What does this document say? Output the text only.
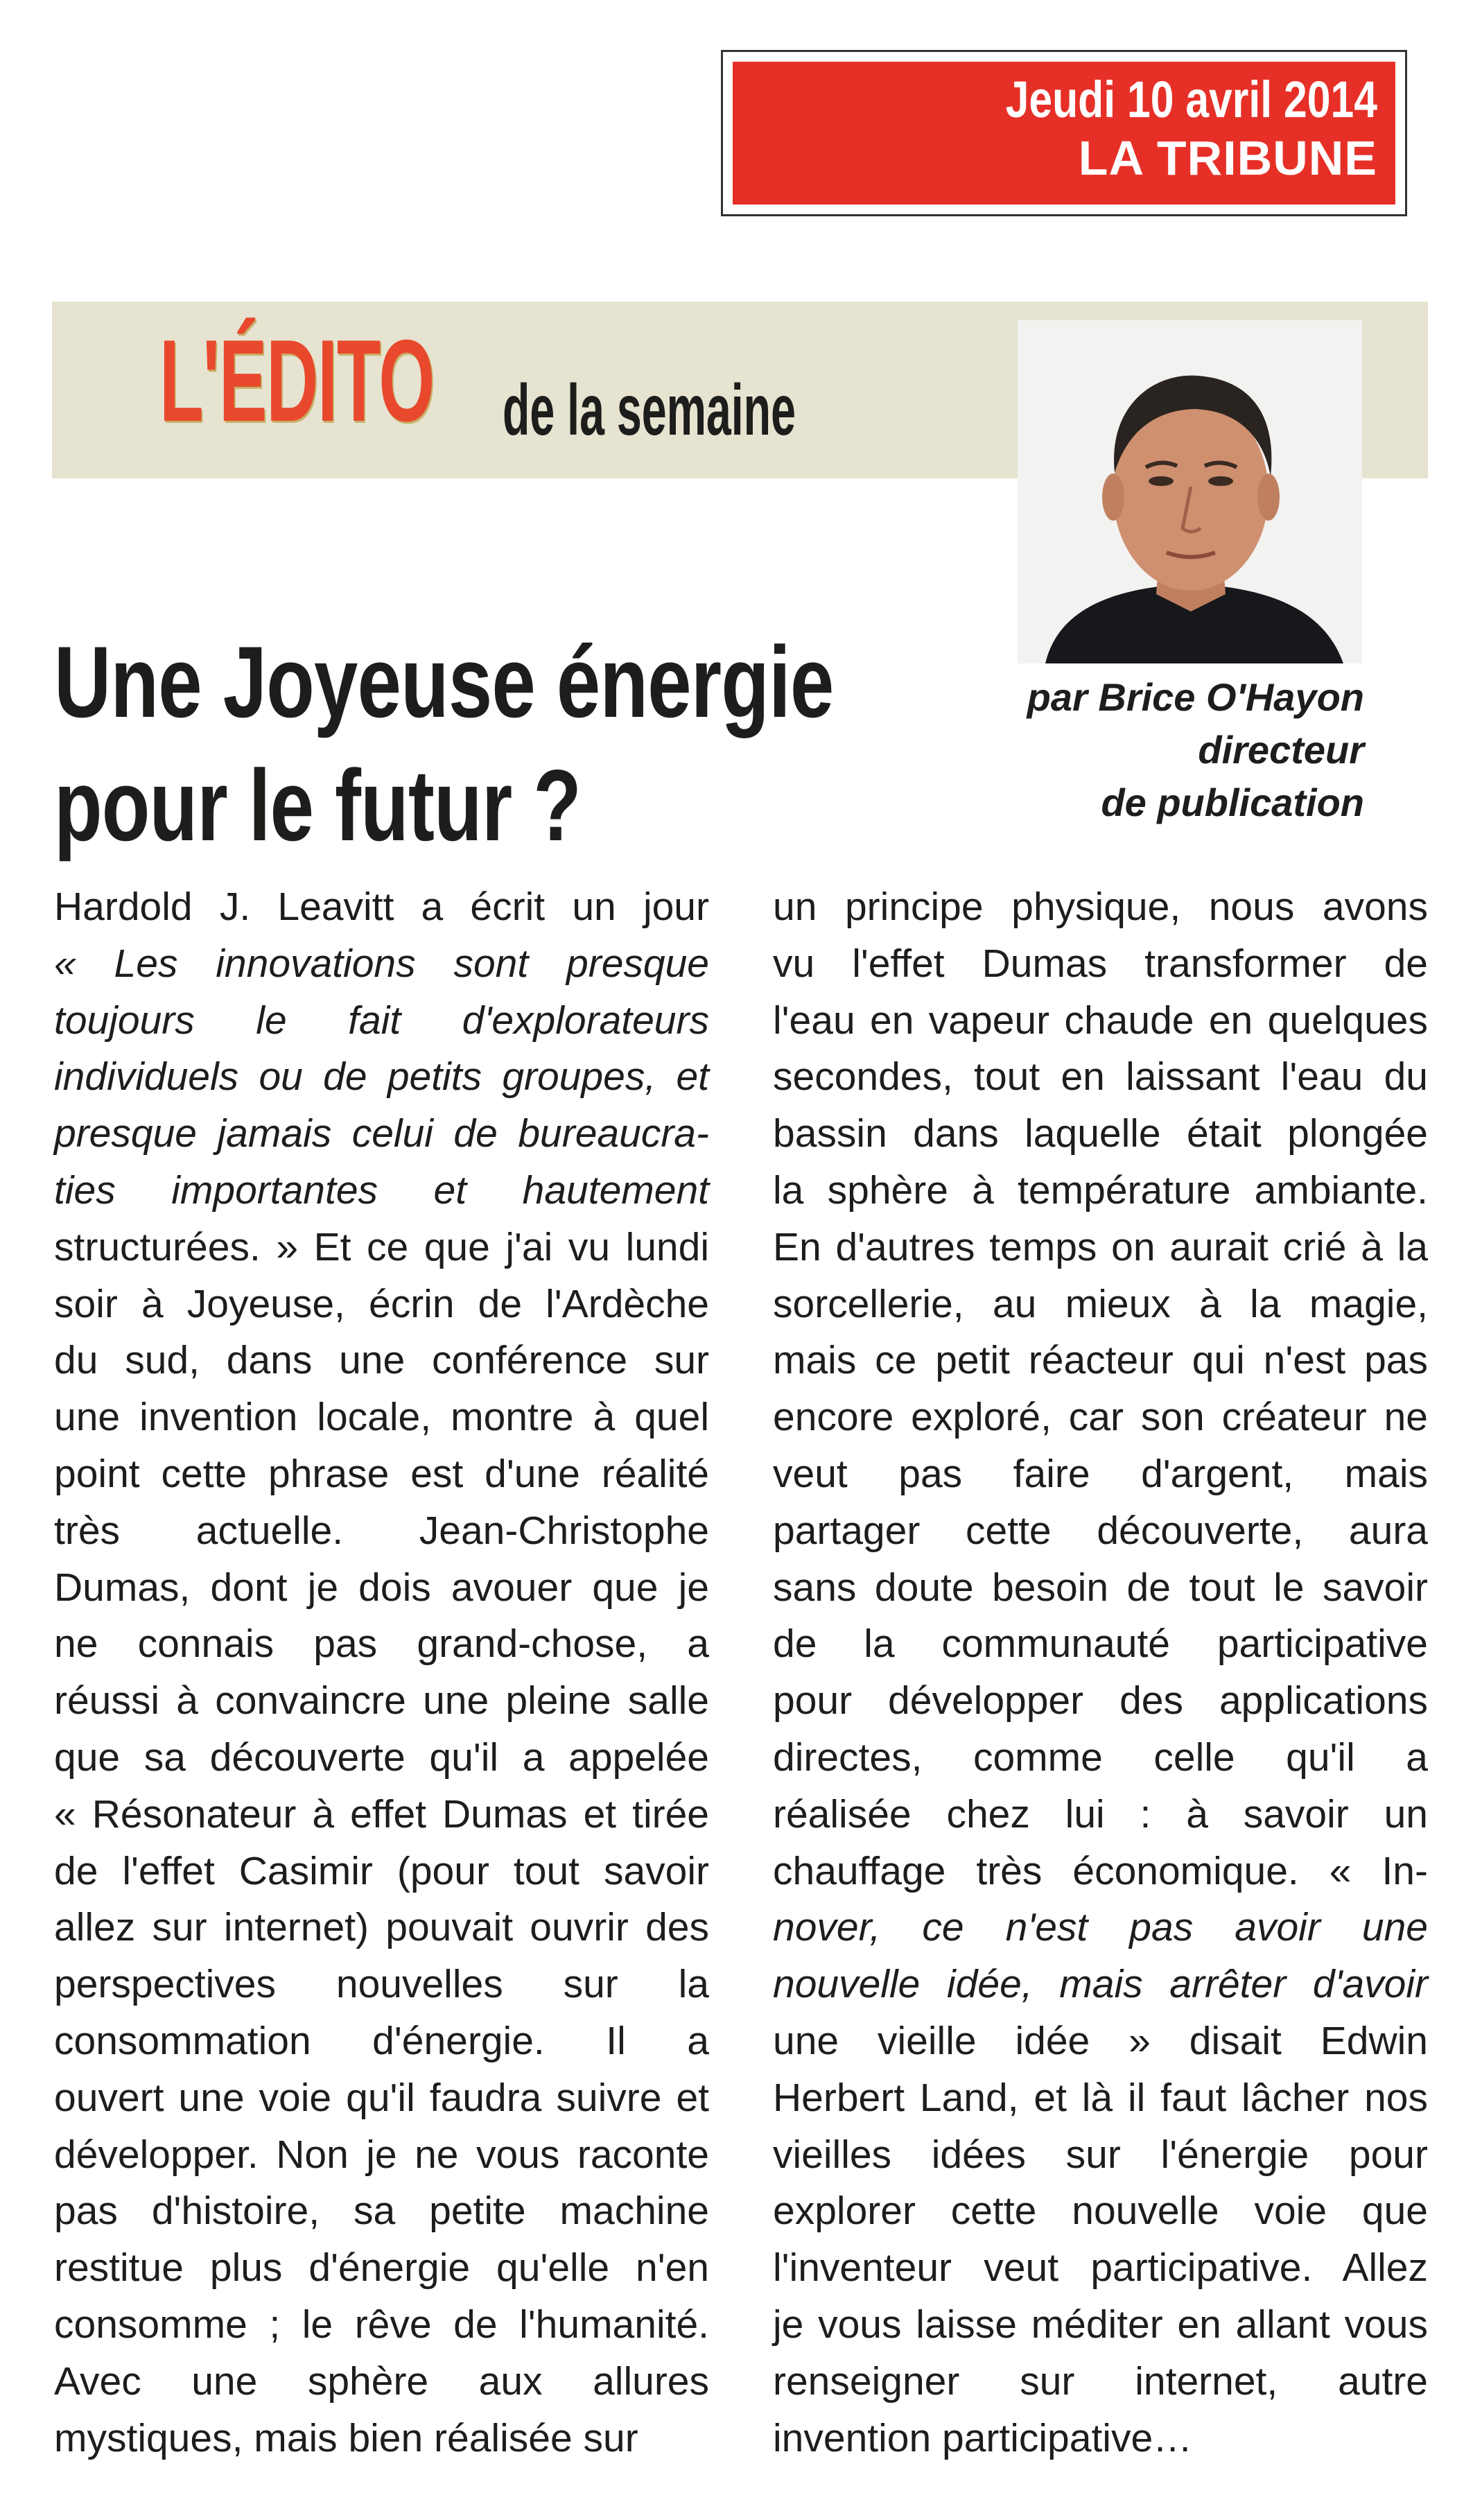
Jeudi 10 avril 2014
LA TRIBUNE
L'ÉDITO de la semaine
par Brice O'Hayon
directeur
de publication
Une Joyeuse énergie
pour le futur ?
Hardold J. Leavitt a écrit un jour
« Les innovations sont presque
toujours le fait d'explorateurs
individuels ou de petits groupes, et
presque jamais celui de bureaucra-
ties importantes et hautement
structurées. » Et ce que j'ai vu lundi
soir à Joyeuse, écrin de l'Ardèche
du sud, dans une conférence sur
une invention locale, montre à quel
point cette phrase est d'une réalité
très actuelle. Jean-Christophe
Dumas, dont je dois avouer que je
ne connais pas grand-chose, a
réussi à convaincre une pleine salle
que sa découverte qu'il a appelée
« Résonateur à effet Dumas et tirée
de l'effet Casimir (pour tout savoir
allez sur internet) pouvait ouvrir des
perspectives nouvelles sur la
consommation d'énergie. Il a
ouvert une voie qu'il faudra suivre et
développer. Non je ne vous raconte
pas d'histoire, sa petite machine
restitue plus d'énergie qu'elle n'en
consomme ; le rêve de l'humanité.
Avec une sphère aux allures
mystiques, mais bien réalisée sur
un principe physique, nous avons
vu l'effet Dumas transformer de
l'eau en vapeur chaude en quelques
secondes, tout en laissant l'eau du
bassin dans laquelle était plongée
la sphère à température ambiante.
En d'autres temps on aurait crié à la
sorcellerie, au mieux à la magie,
mais ce petit réacteur qui n'est pas
encore exploré, car son créateur ne
veut pas faire d'argent, mais
partager cette découverte, aura
sans doute besoin de tout le savoir
de la communauté participative
pour développer des applications
directes, comme celle qu'il a
réalisée chez lui : à savoir un
chauffage très économique. « In-
nover, ce n'est pas avoir une
nouvelle idée, mais arrêter d'avoir
une vieille idée » disait Edwin
Herbert Land, et là il faut lâcher nos
vieilles idées sur l'énergie pour
explorer cette nouvelle voie que
l'inventeur veut participative. Allez
je vous laisse méditer en allant vous
renseigner sur internet, autre
invention participative…
